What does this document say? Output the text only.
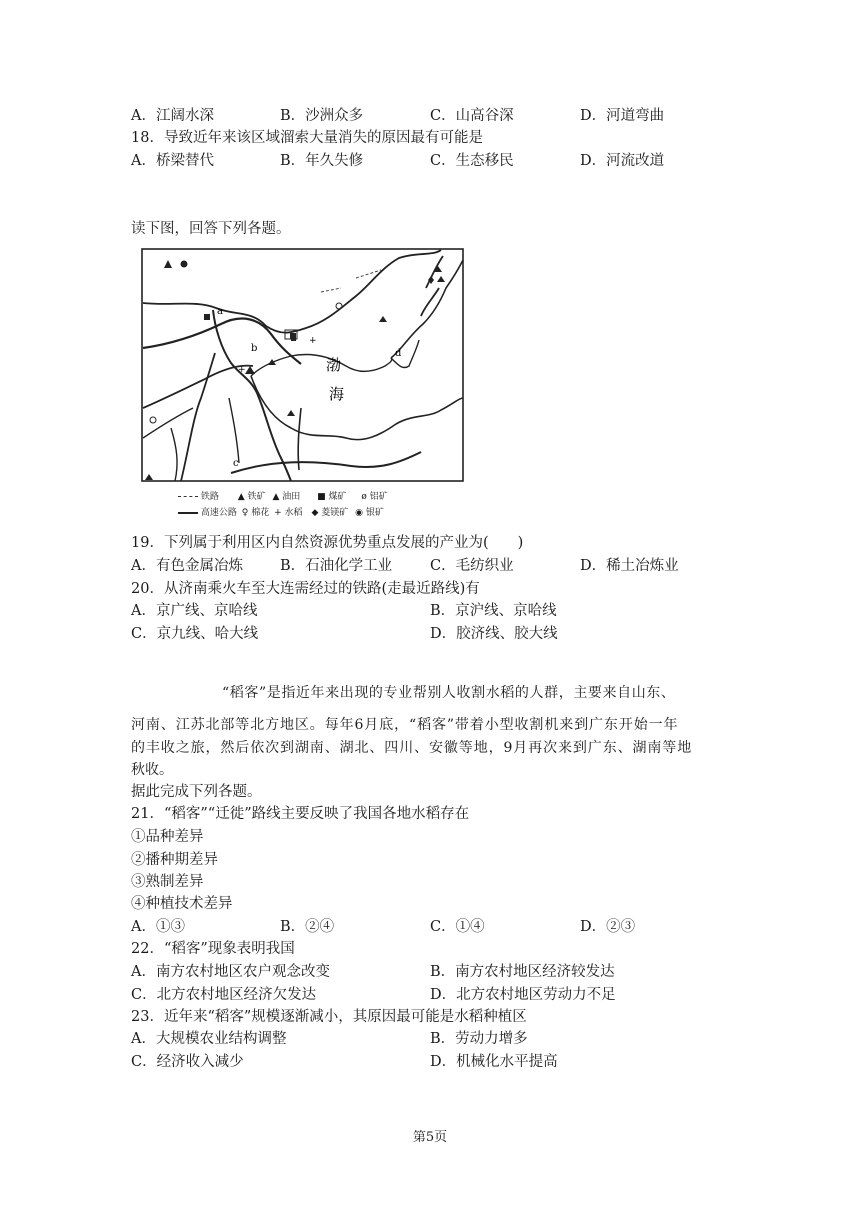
A．江阔水深	B．沙洲众多	C．山高谷深	D．河道弯曲
18．导致近年来该区域溜索大量消失的原因最有可能是
A．桥梁替代	B．年久失修	C．生态移民	D．河流改道
读下图，回答下列各题。
渤
海
a
b
c
d
+
+
铁路 ▲ 铁矿 ▲ 油田 ■ 煤矿 ø 铝矿
高速公路 ♀ 棉花 + 水稻 ◆ 菱镁矿 ◉ 银矿
19．下列属于利用区内自然资源优势重点发展的产业为(　　)
A．有色金属冶炼	B．石油化学工业	C．毛纺织业	D．稀土冶炼业
20．从济南乘火车至大连需经过的铁路(走最近路线)有
A．京广线、京哈线	B．京沪线、京哈线
C．京九线、哈大线	D．胶济线、胶大线
“稻客”是指近年来出现的专业帮别人收割水稻的人群，主要来自山东、
河南、江苏北部等北方地区。每年6月底，“稻客”带着小型收割机来到广东开始一年
的丰收之旅，然后依次到湖南、湖北、四川、安徽等地，9月再次来到广东、湖南等地
秋收。
据此完成下列各题。
21．“稻客”“迁徙”路线主要反映了我国各地水稻存在
①品种差异
②播种期差异
③熟制差异
④种植技术差异
A．①③	B．②④	C．①④	D．②③
22．“稻客”现象表明我国
A．南方农村地区农户观念改变	B．南方农村地区经济较发达
C．北方农村地区经济欠发达	D．北方农村地区劳动力不足
23．近年来“稻客”规模逐渐减小，其原因最可能是水稻种植区
A．大规模农业结构调整	B．劳动力增多
C．经济收入减少	D．机械化水平提高
第5页
